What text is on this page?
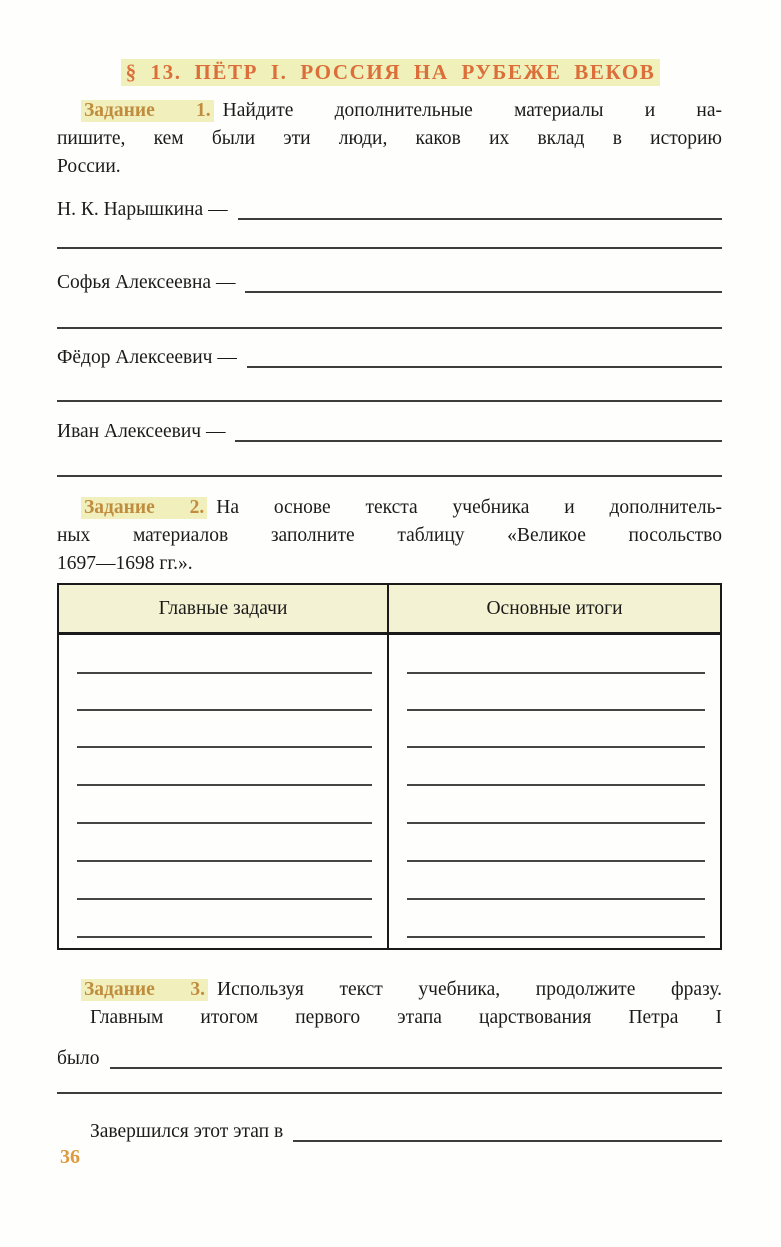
§ 13. ПЁТР I. РОССИЯ НА РУБЕЖЕ ВЕКОВ
Задание 1. Найдите дополнительные материалы и на-
пишите, кем были эти люди, каков их вклад в историю
России.
Н. К. Нарышкина —
Софья Алексеевна —
Фёдор Алексеевич —
Иван Алексеевич —
Задание 2. На основе текста учебника и дополнитель-
ных материалов заполните таблицу «Великое посольство
1697—1698 гг.».
Главные задачи	Основные итоги
Задание 3. Используя текст учебника, продолжите фразу.
Главным итогом первого этапа царствования Петра I
было
Завершился этот этап в
36
